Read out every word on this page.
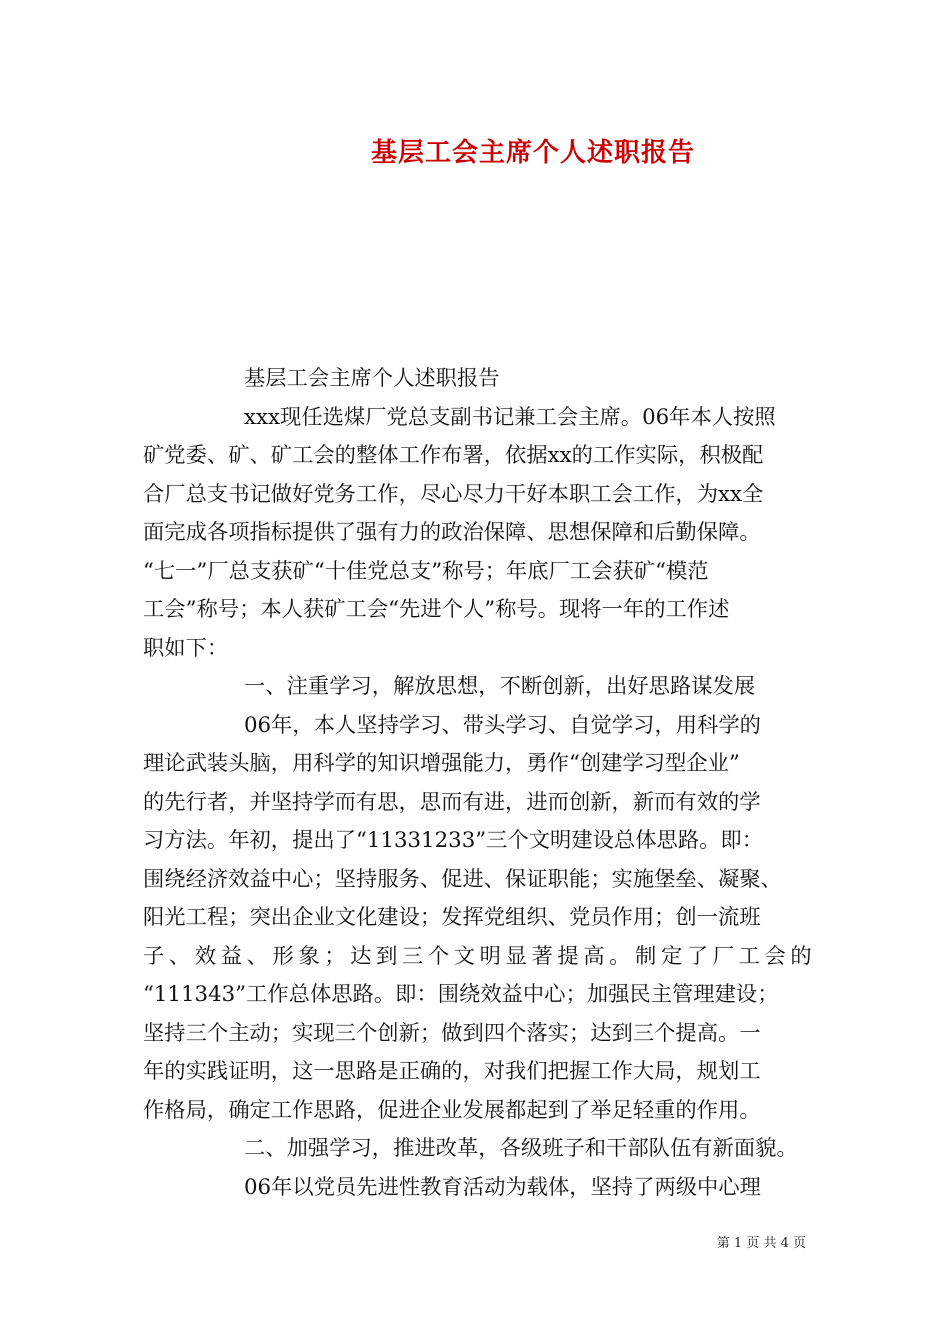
基层工会主席个人述职报告
基层工会主席个人述职报告
xxx现任选煤厂党总支副书记兼工会主席。06年本人按照
矿党委、矿、矿工会的整体工作布署，依据xx的工作实际，积极配
合厂总支书记做好党务工作，尽心尽力干好本职工会工作，为xx全
面完成各项指标提供了强有力的政治保障、思想保障和后勤保障。
“七一”厂总支获矿“十佳党总支”称号；年底厂工会获矿“模范
工会”称号；本人获矿工会“先进个人”称号。现将一年的工作述
职如下：
一、注重学习，解放思想，不断创新，出好思路谋发展
06年，本人坚持学习、带头学习、自觉学习，用科学的
理论武装头脑，用科学的知识增强能力，勇作“创建学习型企业”
的先行者，并坚持学而有思，思而有进，进而创新，新而有效的学
习方法。年初，提出了“11331233”三个文明建设总体思路。即：
围绕经济效益中心；坚持服务、促进、保证职能；实施堡垒、凝聚、
阳光工程；突出企业文化建设；发挥党组织、党员作用；创一流班
子、效益、形象；达到三个文明显著提高。制定了厂工会的
“111343”工作总体思路。即：围绕效益中心；加强民主管理建设；
坚持三个主动；实现三个创新；做到四个落实；达到三个提高。一
年的实践证明，这一思路是正确的，对我们把握工作大局，规划工
作格局，确定工作思路，促进企业发展都起到了举足轻重的作用。
二、加强学习，推进改革，各级班子和干部队伍有新面貌。
06年以党员先进性教育活动为载体，坚持了两级中心理
第 1 页 共 4 页
